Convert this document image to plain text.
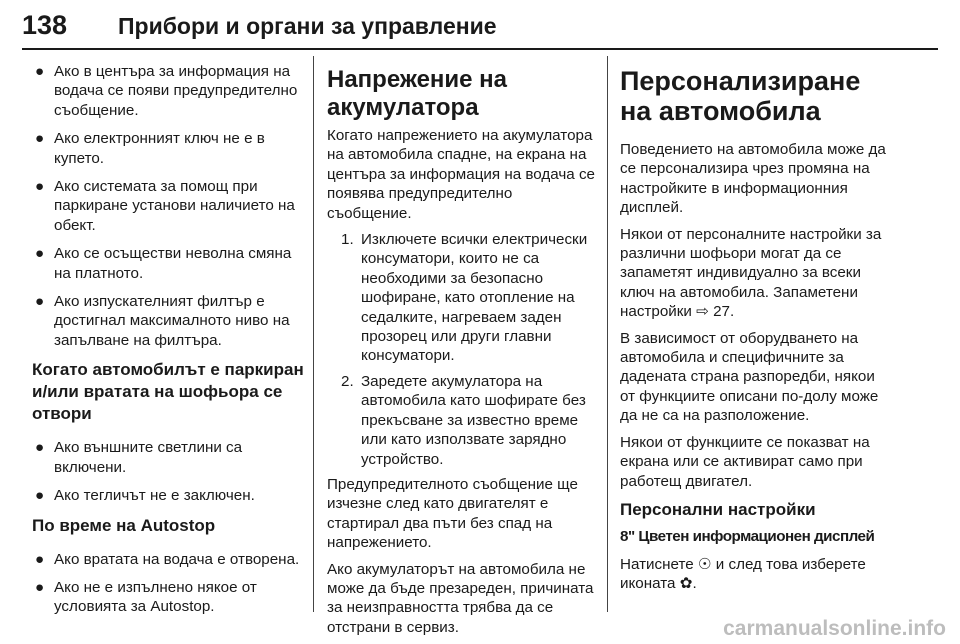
138 Прибори и органи за управление
● Ако в центъра за информация на водача се появи предупредително съобщение.
● Ако електронният ключ не е в купето.
● Ако системата за помощ при паркиране установи наличието на обект.
● Ако се осъществи неволна смяна на платното.
● Ако изпускателният филтър е достигнал максималното ниво на запълване на филтъра.
Когато автомобилът е паркиран и/или вратата на шофьора се отвори
● Ако външните светлини са включени.
● Ако тегличът не е заключен.
По време на Autostop
● Ако вратата на водача е отворена.
● Ако не е изпълнено някое от условията за Autostop.
Напрежение на акумулатора

Когато напрежението на акумулатора на автомобила спадне, на екрана на центъра за информация на водача се появява предупредително съобщение.

1. Изключете всички електрически консуматори, които не са необходими за безопасно шофиране, като отопление на седалките, нагреваем заден прозорец или други главни консуматори.
2. Заредете акумулатора на автомобила като шофирате без прекъсване за известно време или като използвате зарядно устройство.

Предупредителното съобщение ще изчезне след като двигателят е стартирал два пъти без спад на напрежението.

Ако акумулаторът на автомобила не може да бъде презареден, причината за неизправността трябва да се отстрани в сервиз.

Персонализиране на автомобила

Поведението на автомобила може да се персонализира чрез промяна на настройките в информационния дисплей.

Някои от персоналните настройки за различни шофьори могат да се запаметят индивидуално за всеки ключ на автомобила. Запаметени настройки ⇨ 27.

В зависимост от оборудването на автомобила и специфичните за дадената страна разпоредби, някои от функциите описани по-долу може да не са на разположение.

Някои от функциите се показват на екрана или се активират само при работещ двигател.

Персонални настройки
8" Цветен информационен дисплей

Натиснете ☉ и след това изберете иконата ✿.

carmanualsonline.info
